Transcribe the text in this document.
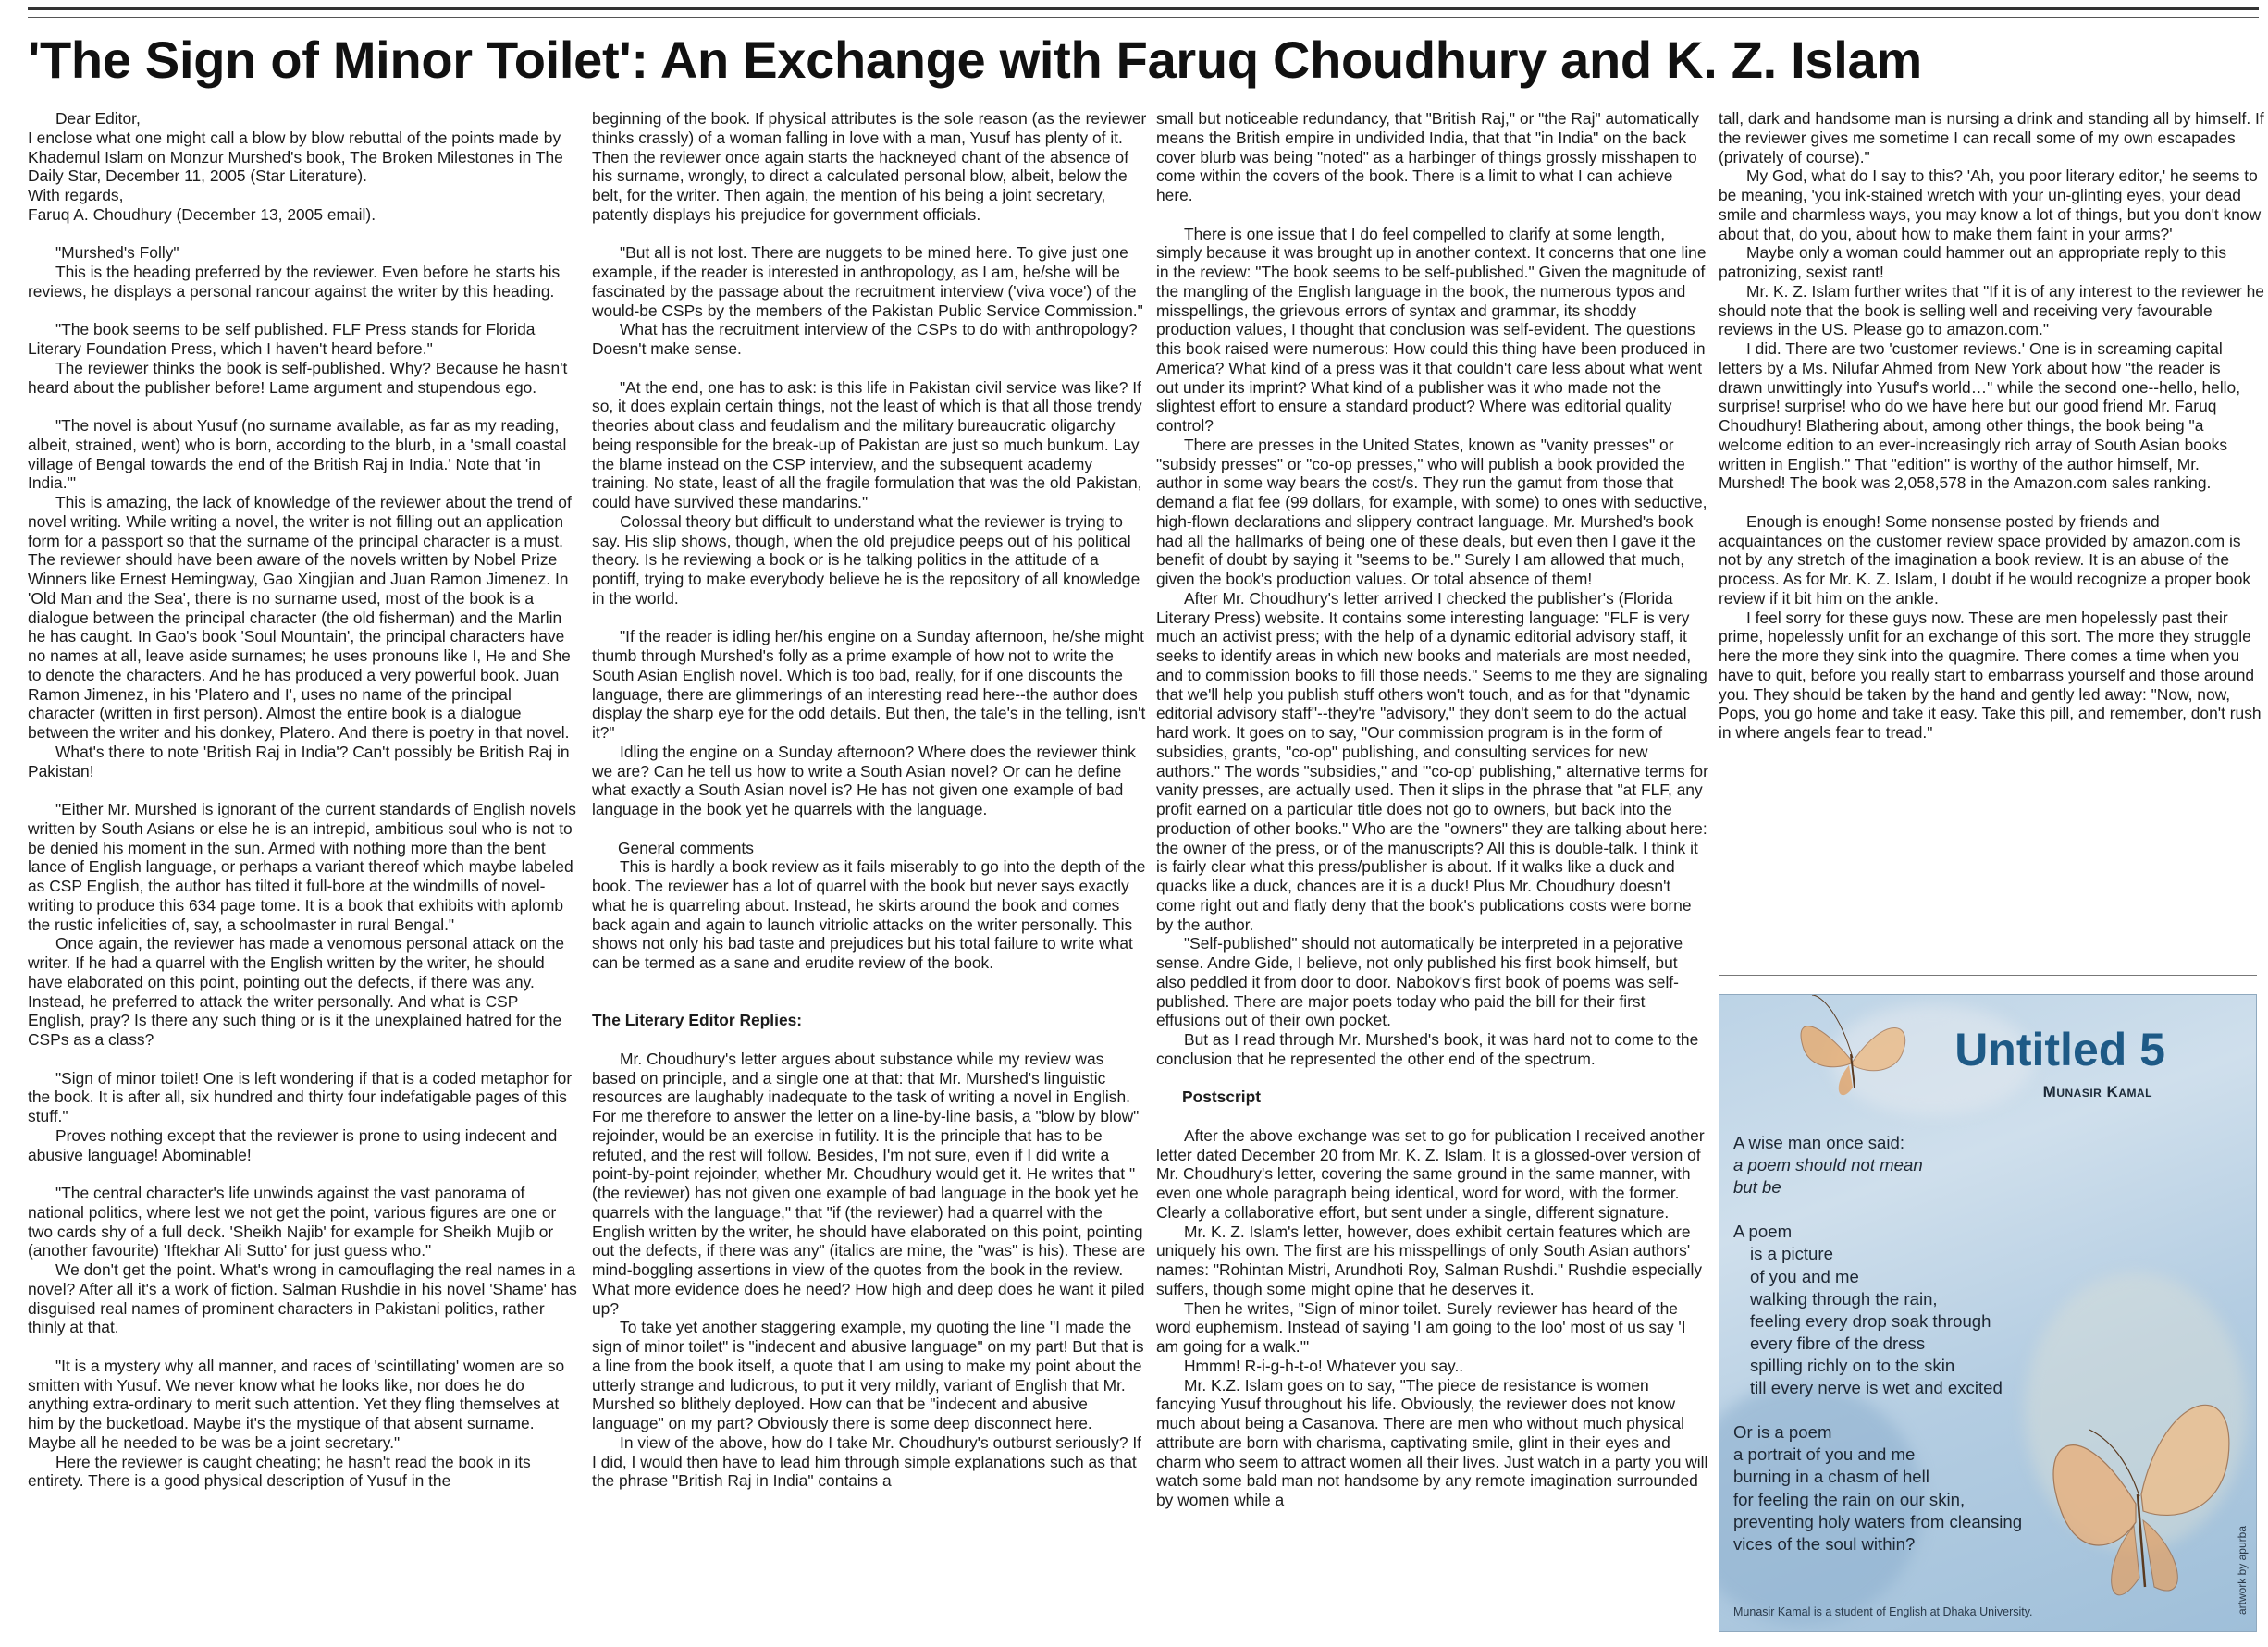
'The Sign of Minor Toilet': An Exchange with Faruq Choudhury and K. Z. Islam

Dear Editor,

I enclose what one might call a blow by blow rebuttal of the points made by Khademul Islam on Monzur Murshed's book, The Broken Milestones in The Daily Star, December 11, 2005 (Star Literature).

With regards,

Faruq A. Choudhury (December 13, 2005 email).

"Murshed's Folly"

This is the heading preferred by the reviewer. Even before he starts his reviews, he displays a personal rancour against the writer by this heading.

"The book seems to be self published. FLF Press stands for Florida Literary Foundation Press, which I haven't heard before."

The reviewer thinks the book is self-published. Why? Because he hasn't heard about the publisher before! Lame argument and stupendous ego.

"The novel is about Yusuf (no surname available, as far as my reading, albeit, strained, went) who is born, according to the blurb, in a 'small coastal village of Bengal towards the end of the British Raj in India.' Note that 'in India.'"

This is amazing, the lack of knowledge of the reviewer about the trend of novel writing. While writing a novel, the writer is not filling out an application form for a passport so that the surname of the principal character is a must. The reviewer should have been aware of the novels written by Nobel Prize Winners like Ernest Hemingway, Gao Xingjian and Juan Ramon Jimenez. In 'Old Man and the Sea', there is no surname used, most of the book is a dialogue between the principal character (the old fisherman) and the Marlin he has caught. In Gao's book 'Soul Mountain', the principal characters have no names at all, leave aside surnames; he uses pronouns like I, He and She to denote the characters. And he has produced a very powerful book. Juan Ramon Jimenez, in his 'Platero and I', uses no name of the principal character (written in first person). Almost the entire book is a dialogue between the writer and his donkey, Platero. And there is poetry in that novel.

What's there to note 'British Raj in India'? Can't possibly be British Raj in Pakistan!

"Either Mr. Murshed is ignorant of the current standards of English novels written by South Asians or else he is an intrepid, ambitious soul who is not to be denied his moment in the sun. Armed with nothing more than the bent lance of English language, or perhaps a variant thereof which maybe labeled as CSP English, the author has tilted it full-bore at the windmills of novel-writing to produce this 634 page tome. It is a book that exhibits with aplomb the rustic infelicities of, say, a schoolmaster in rural Bengal."

Once again, the reviewer has made a venomous personal attack on the writer. If he had a quarrel with the English written by the writer, he should have elaborated on this point, pointing out the defects, if there was any. Instead, he preferred to attack the writer personally. And what is CSP English, pray? Is there any such thing or is it the unexplained hatred for the CSPs as a class?

"Sign of minor toilet! One is left wondering if that is a coded metaphor for the book. It is after all, six hundred and thirty four indefatigable pages of this stuff."

Proves nothing except that the reviewer is prone to using indecent and abusive language! Abominable!

"The central character's life unwinds against the vast panorama of national politics, where lest we not get the point, various figures are one or two cards shy of a full deck. 'Sheikh Najib' for example for Sheikh Mujib or (another favourite) 'Iftekhar Ali Sutto' for just guess who."

We don't get the point. What's wrong in camouflaging the real names in a novel? After all it's a work of fiction. Salman Rushdie in his novel 'Shame' has disguised real names of prominent characters in Pakistani politics, rather thinly at that.

"It is a mystery why all manner, and races of 'scintillating' women are so smitten with Yusuf. We never know what he looks like, nor does he do anything extra-ordinary to merit such attention. Yet they fling themselves at him by the bucketload. Maybe it's the mystique of that absent surname. Maybe all he needed to be was be a joint secretary."

Here the reviewer is caught cheating; he hasn't read the book in its entirety. There is a good physical description of Yusuf in the

beginning of the book. If physical attributes is the sole reason (as the reviewer thinks crassly) of a woman falling in love with a man, Yusuf has plenty of it. Then the reviewer once again starts the hackneyed chant of the absence of his surname, wrongly, to direct a calculated personal blow, albeit, below the belt, for the writer. Then again, the mention of his being a joint secretary, patently displays his prejudice for government officials.

"But all is not lost. There are nuggets to be mined here. To give just one example, if the reader is interested in anthropology, as I am, he/she will be fascinated by the passage about the recruitment interview ('viva voce') of the would-be CSPs by the members of the Pakistan Public Service Commission."

What has the recruitment interview of the CSPs to do with anthropology? Doesn't make sense.

"At the end, one has to ask: is this life in Pakistan civil service was like? If so, it does explain certain things, not the least of which is that all those trendy theories about class and feudalism and the military bureaucratic oligarchy being responsible for the break-up of Pakistan are just so much bunkum. Lay the blame instead on the CSP interview, and the subsequent academy training. No state, least of all the fragile formulation that was the old Pakistan, could have survived these mandarins."

Colossal theory but difficult to understand what the reviewer is trying to say. His slip shows, though, when the old prejudice peeps out of his political theory. Is he reviewing a book or is he talking politics in the attitude of a pontiff, trying to make everybody believe he is the repository of all knowledge in the world.

"If the reader is idling her/his engine on a Sunday afternoon, he/she might thumb through Murshed's folly as a prime example of how not to write the South Asian English novel. Which is too bad, really, for if one discounts the language, there are glimmerings of an interesting read here--the author does display the sharp eye for the odd details. But then, the tale's in the telling, isn't it?"

Idling the engine on a Sunday afternoon? Where does the reviewer think we are? Can he tell us how to write a South Asian novel? Or can he define what exactly a South Asian novel is? He has not given one example of bad language in the book yet he quarrels with the language.

General comments

This is hardly a book review as it fails miserably to go into the depth of the book. The reviewer has a lot of quarrel with the book but never says exactly what he is quarreling about. Instead, he skirts around the book and comes back again and again to launch vitriolic attacks on the writer personally. This shows not only his bad taste and prejudices but his total failure to write what can be termed as a sane and erudite review of the book.

The Literary Editor Replies:

Mr. Choudhury's letter argues about substance while my review was based on principle, and a single one at that: that Mr. Murshed's linguistic resources are laughably inadequate to the task of writing a novel in English. For me therefore to answer the letter on a line-by-line basis, a "blow by blow" rejoinder, would be an exercise in futility. It is the principle that has to be refuted, and the rest will follow. Besides, I'm not sure, even if I did write a point-by-point rejoinder, whether Mr. Choudhury would get it. He writes that "(the reviewer) has not given one example of bad language in the book yet he quarrels with the language," that "if (the reviewer) had a quarrel with the English written by the writer, he should have elaborated on this point, pointing out the defects, if there was any" (italics are mine, the "was" is his). These are mind-boggling assertions in view of the quotes from the book in the review. What more evidence does he need? How high and deep does he want it piled up?

To take yet another staggering example, my quoting the line "I made the sign of minor toilet" is "indecent and abusive language" on my part! But that is a line from the book itself, a quote that I am using to make my point about the utterly strange and ludicrous, to put it very mildly, variant of English that Mr. Murshed so blithely deployed. How can that be "indecent and abusive language" on my part? Obviously there is some deep disconnect here.

In view of the above, how do I take Mr. Choudhury's outburst seriously? If I did, I would then have to lead him through simple explanations such as that the phrase "British Raj in India" contains a

small but noticeable redundancy, that "British Raj," or "the Raj" automatically means the British empire in undivided India, that that "in India" on the back cover blurb was being "noted" as a harbinger of things grossly misshapen to come within the covers of the book. There is a limit to what I can achieve here.

There is one issue that I do feel compelled to clarify at some length, simply because it was brought up in another context. It concerns that one line in the review: "The book seems to be self-published." Given the magnitude of the mangling of the English language in the book, the numerous typos and misspellings, the grievous errors of syntax and grammar, its shoddy production values, I thought that conclusion was self-evident. The questions this book raised were numerous: How could this thing have been produced in America? What kind of a press was it that couldn't care less about what went out under its imprint? What kind of a publisher was it who made not the slightest effort to ensure a standard product? Where was editorial quality control?

There are presses in the United States, known as "vanity presses" or "subsidy presses" or "co-op presses," who will publish a book provided the author in some way bears the cost/s. They run the gamut from those that demand a flat fee (99 dollars, for example, with some) to ones with seductive, high-flown declarations and slippery contract language. Mr. Murshed's book had all the hallmarks of being one of these deals, but even then I gave it the benefit of doubt by saying it "seems to be." Surely I am allowed that much, given the book's production values. Or total absence of them!

After Mr. Choudhury's letter arrived I checked the publisher's (Florida Literary Press) website. It contains some interesting language: "FLF is very much an activist press; with the help of a dynamic editorial advisory staff, it seeks to identify areas in which new books and materials are most needed, and to commission books to fill those needs." Seems to me they are signaling that we'll help you publish stuff others won't touch, and as for that "dynamic editorial advisory staff"--they're "advisory," they don't seem to do the actual hard work. It goes on to say, "Our commission program is in the form of subsidies, grants, "co-op" publishing, and consulting services for new authors." The words "subsidies," and '"co-op' publishing," alternative terms for vanity presses, are actually used. Then it slips in the phrase that "at FLF, any profit earned on a particular title does not go to owners, but back into the production of other books." Who are the "owners" they are talking about here: the owner of the press, or of the manuscripts? All this is double-talk. I think it is fairly clear what this press/publisher is about. If it walks like a duck and quacks like a duck, chances are it is a duck! Plus Mr. Choudhury doesn't come right out and flatly deny that the book's publications costs were borne by the author.

"Self-published" should not automatically be interpreted in a pejorative sense. Andre Gide, I believe, not only published his first book himself, but also peddled it from door to door. Nabokov's first book of poems was self-published. There are major poets today who paid the bill for their first effusions out of their own pocket.

But as I read through Mr. Murshed's book, it was hard not to come to the conclusion that he represented the other end of the spectrum.

Postscript

After the above exchange was set to go for publication I received another letter dated December 20 from Mr. K. Z. Islam. It is a glossed-over version of Mr. Choudhury's letter, covering the same ground in the same manner, with even one whole paragraph being identical, word for word, with the former. Clearly a collaborative effort, but sent under a single, different signature.

Mr. K. Z. Islam's letter, however, does exhibit certain features which are uniquely his own. The first are his misspellings of only South Asian authors' names: "Rohintan Mistri, Arundhoti Roy, Salman Rushdi." Rushdie especially suffers, though some might opine that he deserves it.

Then he writes, "Sign of minor toilet. Surely reviewer has heard of the word euphemism. Instead of saying 'I am going to the loo' most of us say 'I am going for a walk.'"

Hmmm! R-i-g-h-t-o! Whatever you say..

Mr. K.Z. Islam goes on to say, "The piece de resistance is women fancying Yusuf throughout his life. Obviously, the reviewer does not know much about being a Casanova. There are men who without much physical attribute are born with charisma, captivating smile, glint in their eyes and charm who seem to attract women all their lives. Just watch in a party you will watch some bald man not handsome by any remote imagination surrounded by women while a

tall, dark and handsome man is nursing a drink and standing all by himself. If the reviewer gives me sometime I can recall some of my own escapades (privately of course)."

My God, what do I say to this? 'Ah, you poor literary editor,' he seems to be meaning, 'you ink-stained wretch with your un-glinting eyes, your dead smile and charmless ways, you may know a lot of things, but you don't know about that, do you, about how to make them faint in your arms?'

Maybe only a woman could hammer out an appropriate reply to this patronizing, sexist rant!

Mr. K. Z. Islam further writes that "If it is of any interest to the reviewer he should note that the book is selling well and receiving very favourable reviews in the US. Please go to amazon.com."

I did. There are two 'customer reviews.' One is in screaming capital letters by a Ms. Nilufar Ahmed from New York about how "the reader is drawn unwittingly into Yusuf's world…" while the second one--hello, hello, surprise! surprise! who do we have here but our good friend Mr. Faruq Choudhury! Blathering about, among other things, the book being "a welcome edition to an ever-increasingly rich array of South Asian books written in English." That "edition" is worthy of the author himself, Mr. Murshed! The book was 2,058,578 in the Amazon.com sales ranking.

Enough is enough! Some nonsense posted by friends and acquaintances on the customer review space provided by amazon.com is not by any stretch of the imagination a book review. It is an abuse of the process. As for Mr. K. Z. Islam, I doubt if he would recognize a proper book review if it bit him on the ankle.

I feel sorry for these guys now. These are men hopelessly past their prime, hopelessly unfit for an exchange of this sort. The more they struggle here the more they sink into the quagmire. There comes a time when you have to quit, before you really start to embarrass yourself and those around you. They should be taken by the hand and gently led away: "Now, now, Pops, you go home and take it easy. Take this pill, and remember, don't rush in where angels fear to tread."

Untitled 5
Munasir Kamal
A wise man once said:
a poem should not mean
but be
A poem
is a picture
of you and me
walking through the rain,
feeling every drop soak through
every fibre of the dress
spilling richly on to the skin
till every nerve is wet and excited
Or is a poem
a portrait of you and me
burning in a chasm of hell
for feeling the rain on our skin,
preventing holy waters from cleansing
vices of the soul within?
Munasir Kamal is a student of English at Dhaka University.	artwork by apurba
